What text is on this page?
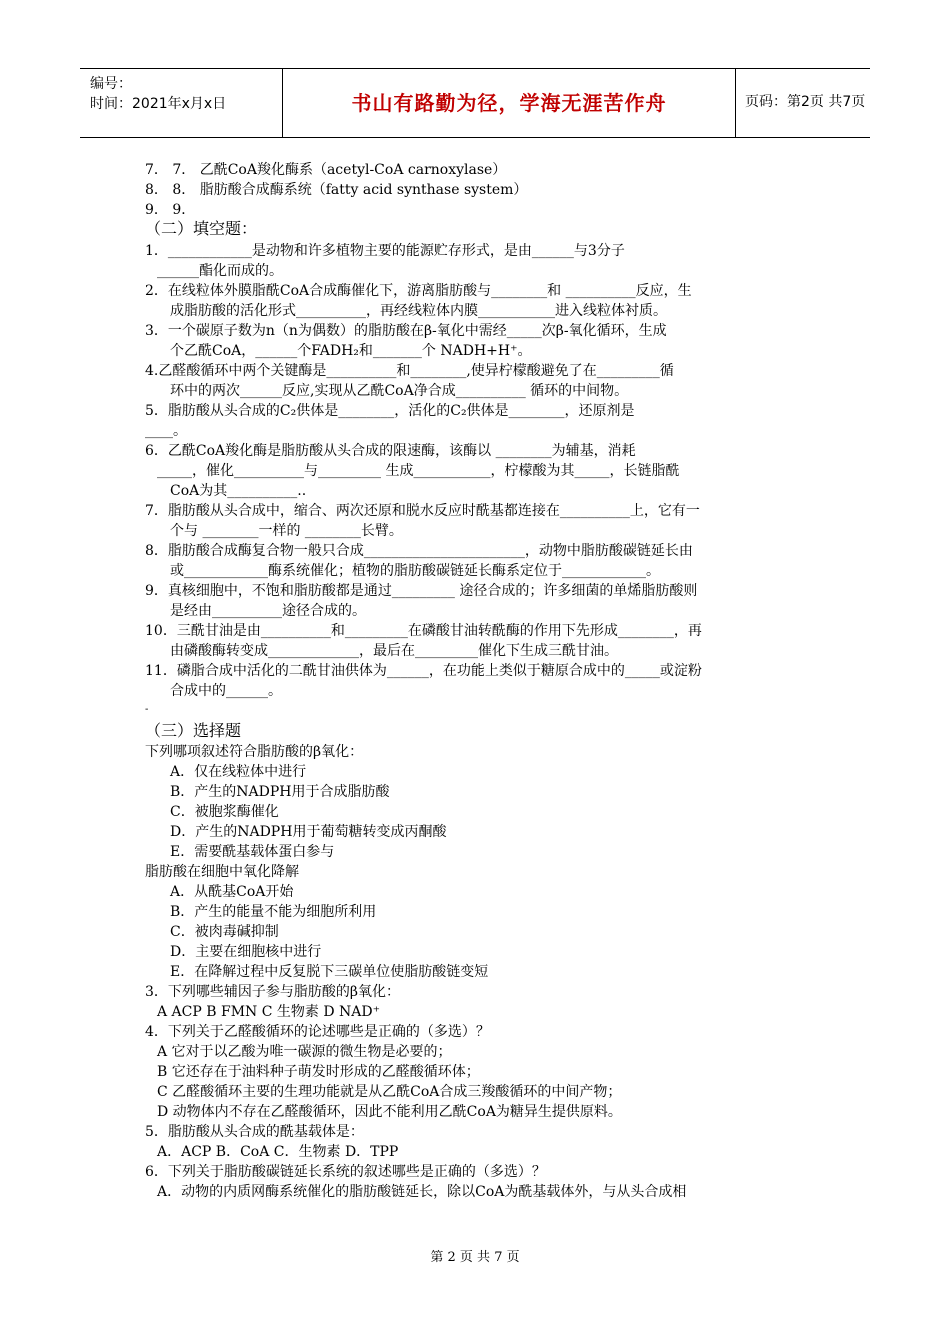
编号：
时间：2021年x月x日	书山有路勤为径，学海无涯苦作舟	页码：第2页 共7页
7． 7． 乙酰CoA羧化酶系（acetyl-CoA carnoxylase）
8． 8． 脂肪酸合成酶系统（fatty acid synthase system）
9． 9．
（二）填空题：
1．____________是动物和许多植物主要的能源贮存形式，是由______与3分子
______酯化而成的。
2．在线粒体外膜脂酰CoA合成酶催化下，游离脂肪酸与________和 __________反应，生
成脂肪酸的活化形式__________，再经线粒体内膜___________进入线粒体衬质。
3．一个碳原子数为n（n为偶数）的脂肪酸在β-氧化中需经_____次β-氧化循环，生成
个乙酰CoA，______个FADH₂和_______个 NADH+H⁺。
4.乙醛酸循环中两个关键酶是__________和________,使异柠檬酸避免了在_________循
环中的两次______反应,实现从乙酰CoA净合成__________ 循环的中间物。
5．脂肪酸从头合成的C₂供体是________，活化的C₂供体是________，还原剂是
____。
6．乙酰CoA羧化酶是脂肪酸从头合成的限速酶，该酶以 ________为辅基，消耗
_____，催化__________与_________ 生成___________，柠檬酸为其_____，长链脂酰
CoA为其__________..
7．脂肪酸从头合成中，缩合、两次还原和脱水反应时酰基都连接在__________上，它有一
个与 ________一样的 ________长臂。
8．脂肪酸合成酶复合物一般只合成_______________________，动物中脂肪酸碳链延长由
或____________酶系统催化；植物的脂肪酸碳链延长酶系定位于____________。
9．真核细胞中，不饱和脂肪酸都是通过_________ 途径合成的；许多细菌的单烯脂肪酸则
是经由__________途径合成的。
10．三酰甘油是由__________和_________在磷酸甘油转酰酶的作用下先形成________，再
由磷酸酶转变成_____________，最后在_________催化下生成三酰甘油。
11．磷脂合成中活化的二酰甘油供体为______，在功能上类似于糖原合成中的_____或淀粉
合成中的______。
-
（三）选择题
下列哪项叙述符合脂肪酸的β氧化：
A．仅在线粒体中进行
B．产生的NADPH用于合成脂肪酸
C．被胞浆酶催化
D．产生的NADPH用于葡萄糖转变成丙酮酸
E．需要酰基载体蛋白参与
脂肪酸在细胞中氧化降解
A．从酰基CoA开始
B．产生的能量不能为细胞所利用
C．被肉毒碱抑制
D．主要在细胞核中进行
E．在降解过程中反复脱下三碳单位使脂肪酸链变短
3．下列哪些辅因子参与脂肪酸的β氧化：
A ACP B FMN C 生物素 D NAD⁺
4．下列关于乙醛酸循环的论述哪些是正确的（多选）？
A 它对于以乙酸为唯一碳源的微生物是必要的；
B 它还存在于油料种子萌发时形成的乙醛酸循环体；
C 乙醛酸循环主要的生理功能就是从乙酰CoA合成三羧酸循环的中间产物；
D 动物体内不存在乙醛酸循环，因此不能利用乙酰CoA为糖异生提供原料。
5．脂肪酸从头合成的酰基载体是：
A．ACP B．CoA C．生物素 D．TPP
6．下列关于脂肪酸碳链延长系统的叙述哪些是正确的（多选）？
A．动物的内质网酶系统催化的脂肪酸链延长，除以CoA为酰基载体外，与从头合成相
第 2 页 共 7 页
